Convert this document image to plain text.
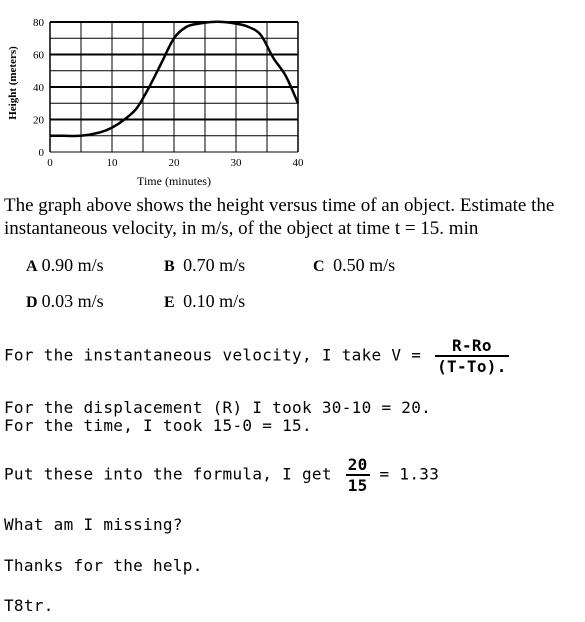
0	10	20	30	40
0
20
40
60
80
Height (meters)
Time (minutes)
The graph above shows the height versus time of an object. Estimate the instantaneous velocity, in m/s, of the object at time t = 15. min
A 0.90 m/s	B 0.70 m/s	C 0.50 m/s
D 0.03 m/s	E 0.10 m/s
For the instantaneous velocity, I take $V = \frac{R-Ro}{(T-To).}$
For the displacement (R) I took 30-10 = 20.
For the time, I took 15-0 = 15.
Put these into the formula, I get $\frac{20}{15} = 1.33$
What am I missing?
Thanks for the help.
T8tr.
